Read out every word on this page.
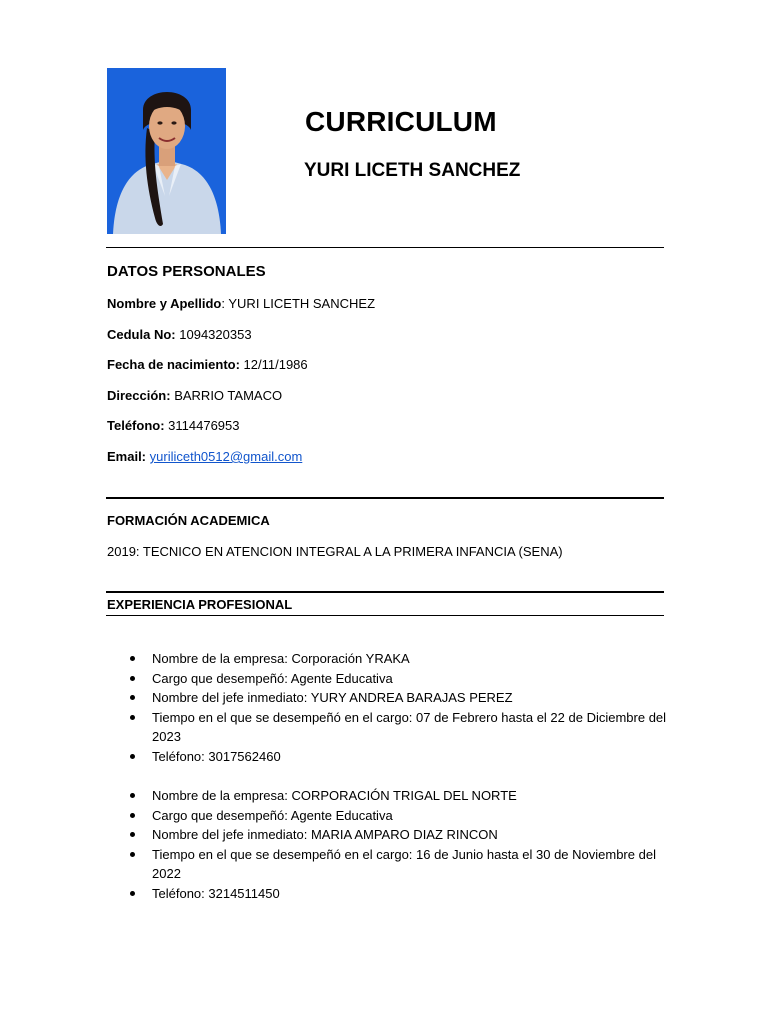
CURRICULUM
YURI LICETH SANCHEZ
DATOS PERSONALES
Nombre y Apellido: YURI LICETH SANCHEZ
Cedula No: 1094320353
Fecha de nacimiento: 12/11/1986
Dirección: BARRIO TAMACO
Teléfono: 3114476953
Email: yuriliceth0512@gmail.com
FORMACIÓN ACADEMICA
2019: TECNICO EN ATENCION INTEGRAL A LA PRIMERA INFANCIA (SENA)
EXPERIENCIA PROFESIONAL
Nombre de la empresa: Corporación YRAKA
Cargo que desempeñó: Agente Educativa
Nombre del jefe inmediato: YURY ANDREA BARAJAS PEREZ
Tiempo en el que se desempeñó en el cargo: 07 de Febrero hasta el 22 de Diciembre del 2023
Teléfono: 3017562460
Nombre de la empresa: CORPORACIÓN TRIGAL DEL NORTE
Cargo que desempeñó: Agente Educativa
Nombre del jefe inmediato: MARIA AMPARO DIAZ RINCON
Tiempo en el que se desempeñó en el cargo: 16 de Junio hasta el 30 de Noviembre del 2022
Teléfono: 3214511450
